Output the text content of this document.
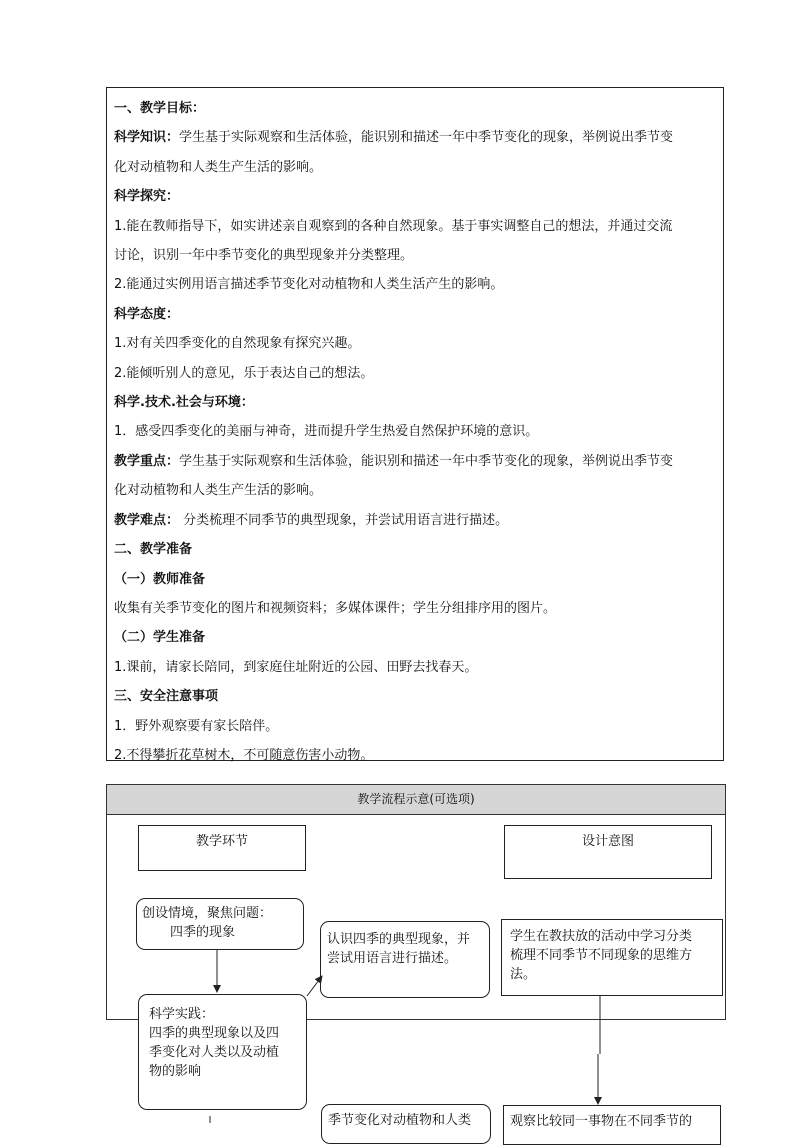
一、教学目标：

科学知识：学生基于实际观察和生活体验，能识别和描述一年中季节变化的现象，举例说出季节变

化对动植物和人类生产生活的影响。

科学探究：

1.能在教师指导下，如实讲述亲自观察到的各种自然现象。基于事实调整自己的想法，并通过交流

讨论，识别一年中季节变化的典型现象并分类整理。

2.能通过实例用语言描述季节变化对动植物和人类生活产生的影响。

科学态度：

1.对有关四季变化的自然现象有探究兴趣。

2.能倾听别人的意见，乐于表达自己的想法。

科学.技术.社会与环境：

1．感受四季变化的美丽与神奇，进而提升学生热爱自然保护环境的意识。

教学重点：学生基于实际观察和生活体验，能识别和描述一年中季节变化的现象，举例说出季节变

化对动植物和人类生产生活的影响。

教学难点： 分类梳理不同季节的典型现象，并尝试用语言进行描述。

二、教学准备

（一）教师准备

收集有关季节变化的图片和视频资料；多媒体课件；学生分组排序用的图片。

（二）学生准备

1.课前，请家长陪同，到家庭住址附近的公园、田野去找春天。

三、安全注意事项

1．野外观察要有家长陪伴。

2.不得攀折花草树木，不可随意伤害小动物。

教学流程示意(可选项)
教学环节	设计意图
创设情境，聚焦问题：
四季的现象	认识四季的典型现象，并
尝试用语言进行描述。
学生在教扶放的活动中学习分类
梳理不同季节不同现象的思维方
法。
科学实践：
四季的典型现象以及四
季变化对人类以及动植
物的影响
季节变化对动植物和人类	观察比较同一事物在不同季节的
